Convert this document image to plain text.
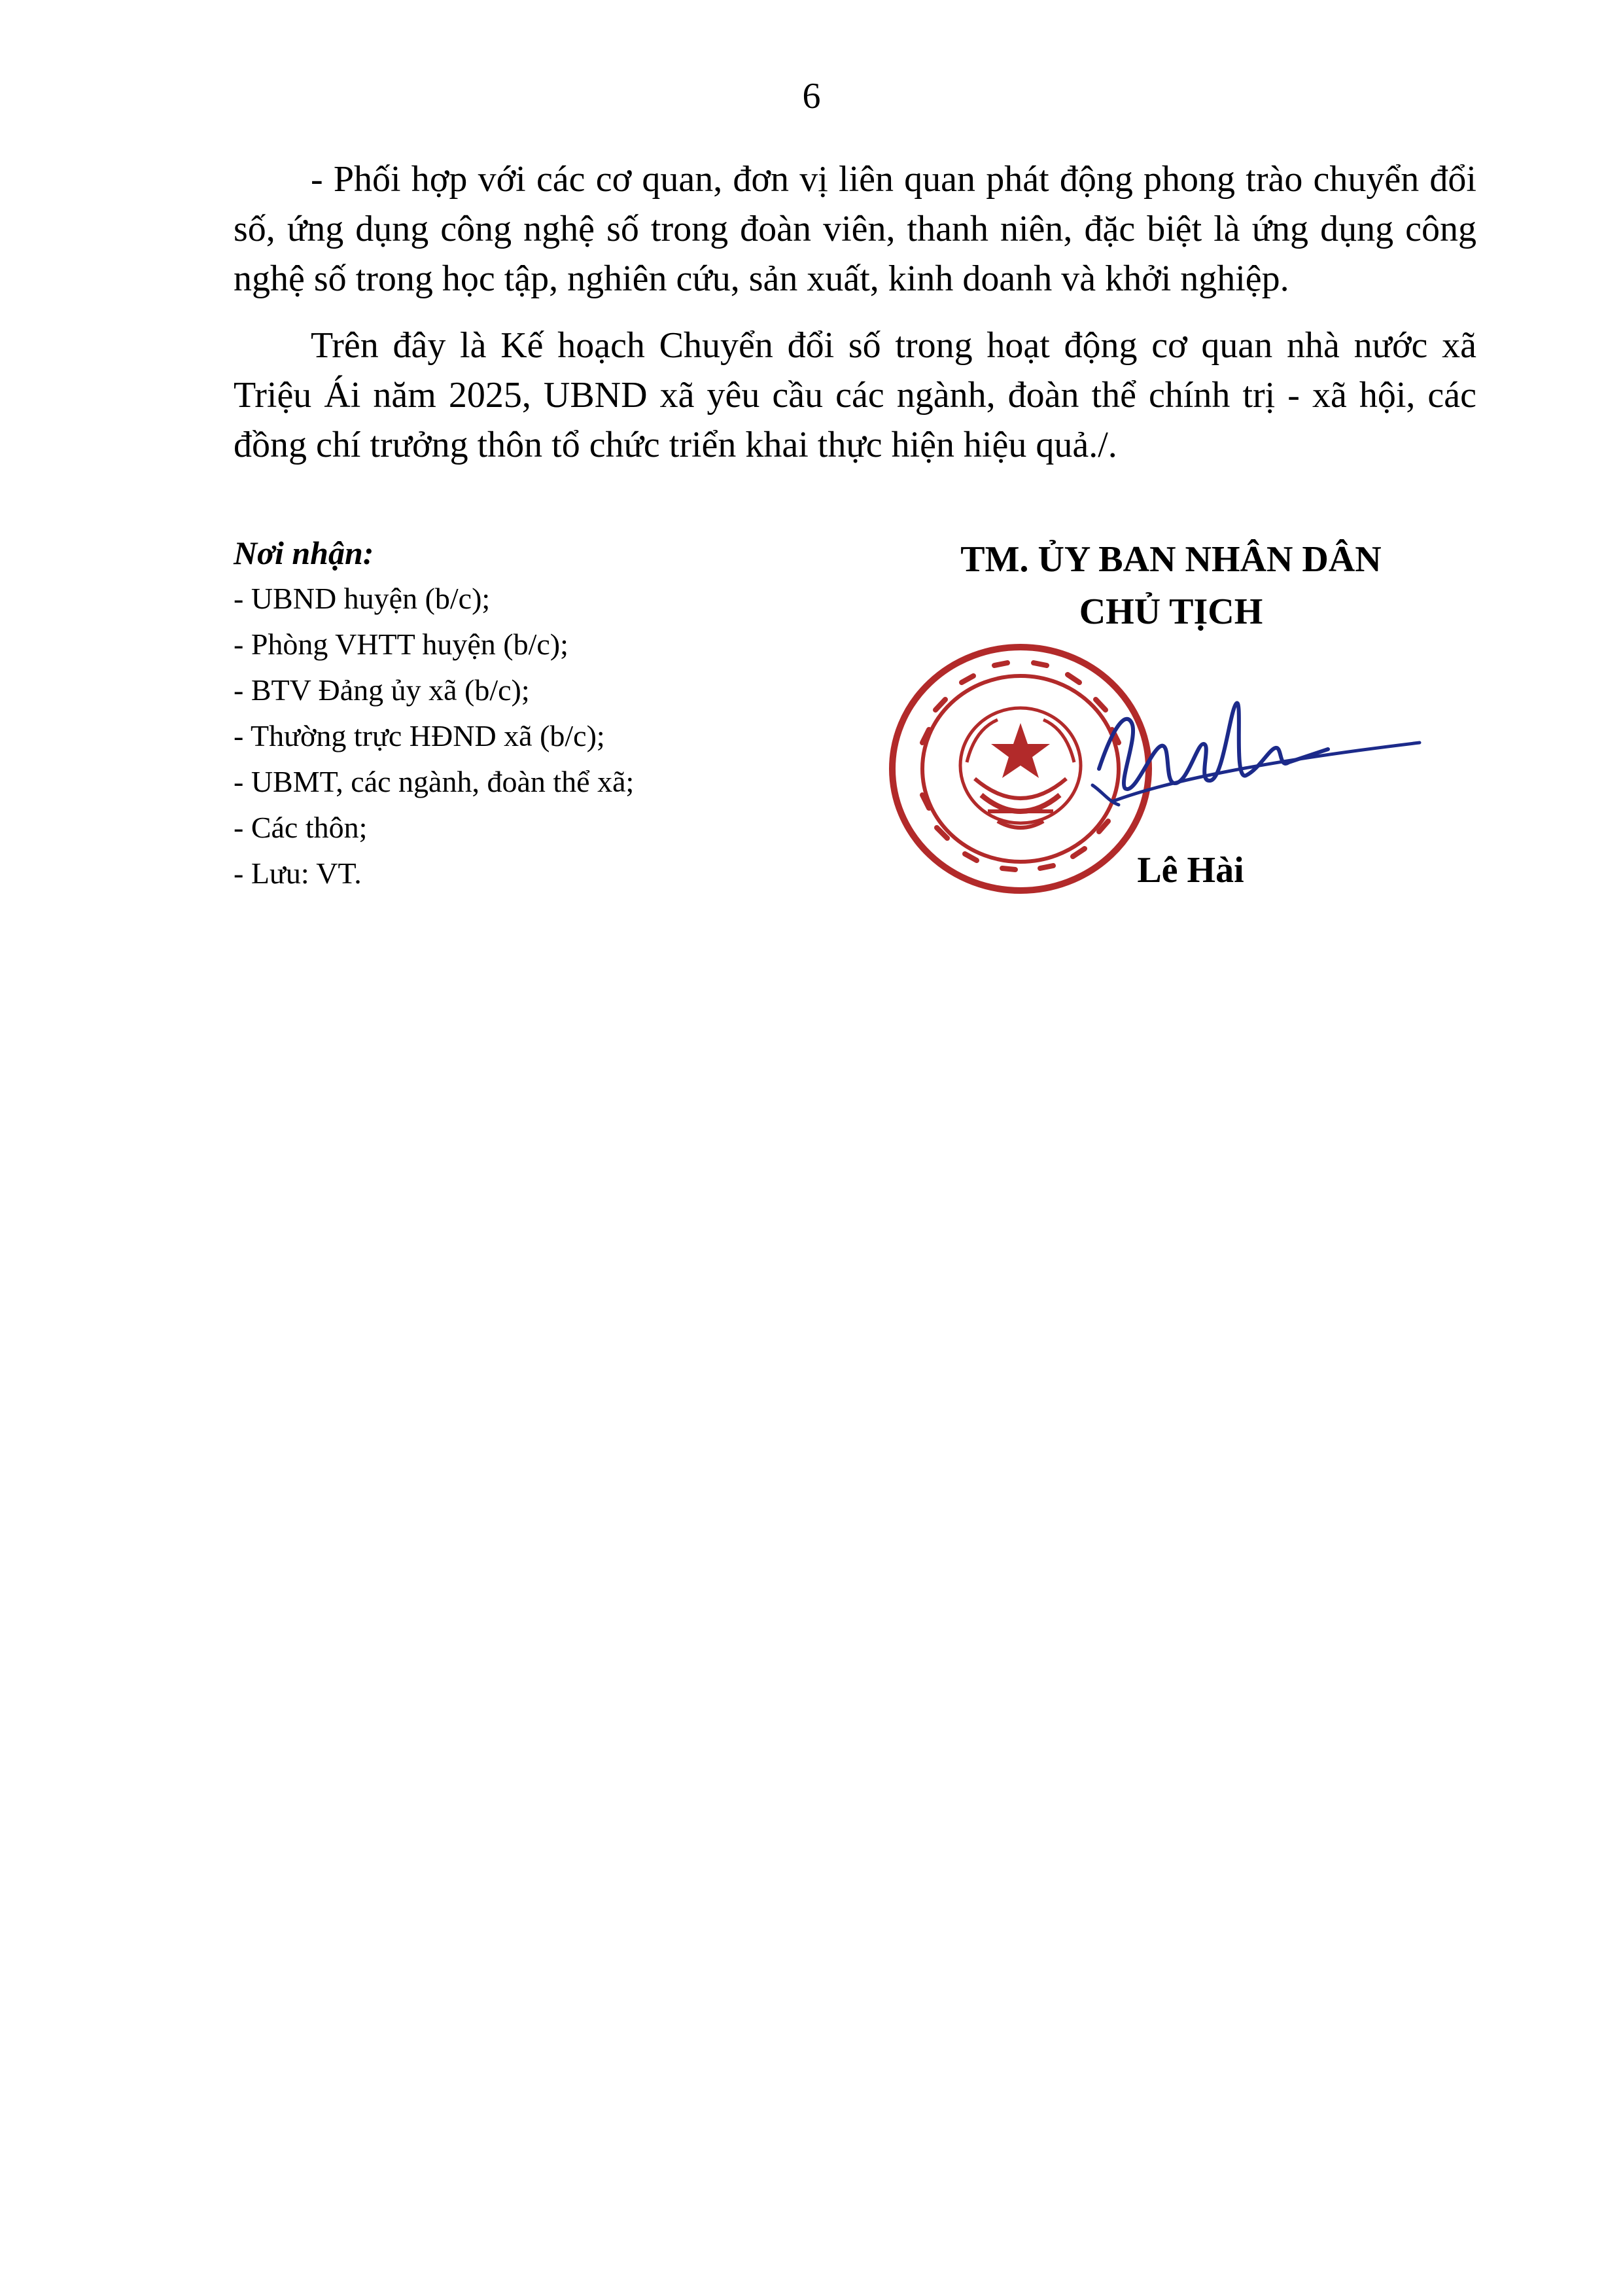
6

- Phối hợp với các cơ quan, đơn vị liên quan phát động phong trào chuyển đổi số, ứng dụng công nghệ số trong đoàn viên, thanh niên, đặc biệt là ứng dụng công nghệ số trong học tập, nghiên cứu, sản xuất, kinh doanh và khởi nghiệp.

Trên đây là Kế hoạch Chuyển đổi số trong hoạt động cơ quan nhà nước xã Triệu Ái năm 2025, UBND xã yêu cầu các ngành, đoàn thể chính trị - xã hội, các đồng chí trưởng thôn tổ chức triển khai thực hiện hiệu quả./.

Nơi nhận:
- UBND huyện (b/c);
- Phòng VHTT huyện (b/c);
- BTV Đảng ủy xã (b/c);
- Thường trực HĐND xã (b/c);
- UBMT, các ngành, đoàn thể xã;
- Các thôn;
- Lưu: VT.
TM. ỦY BAN NHÂN DÂN
CHỦ TỊCH
Lê Hài
